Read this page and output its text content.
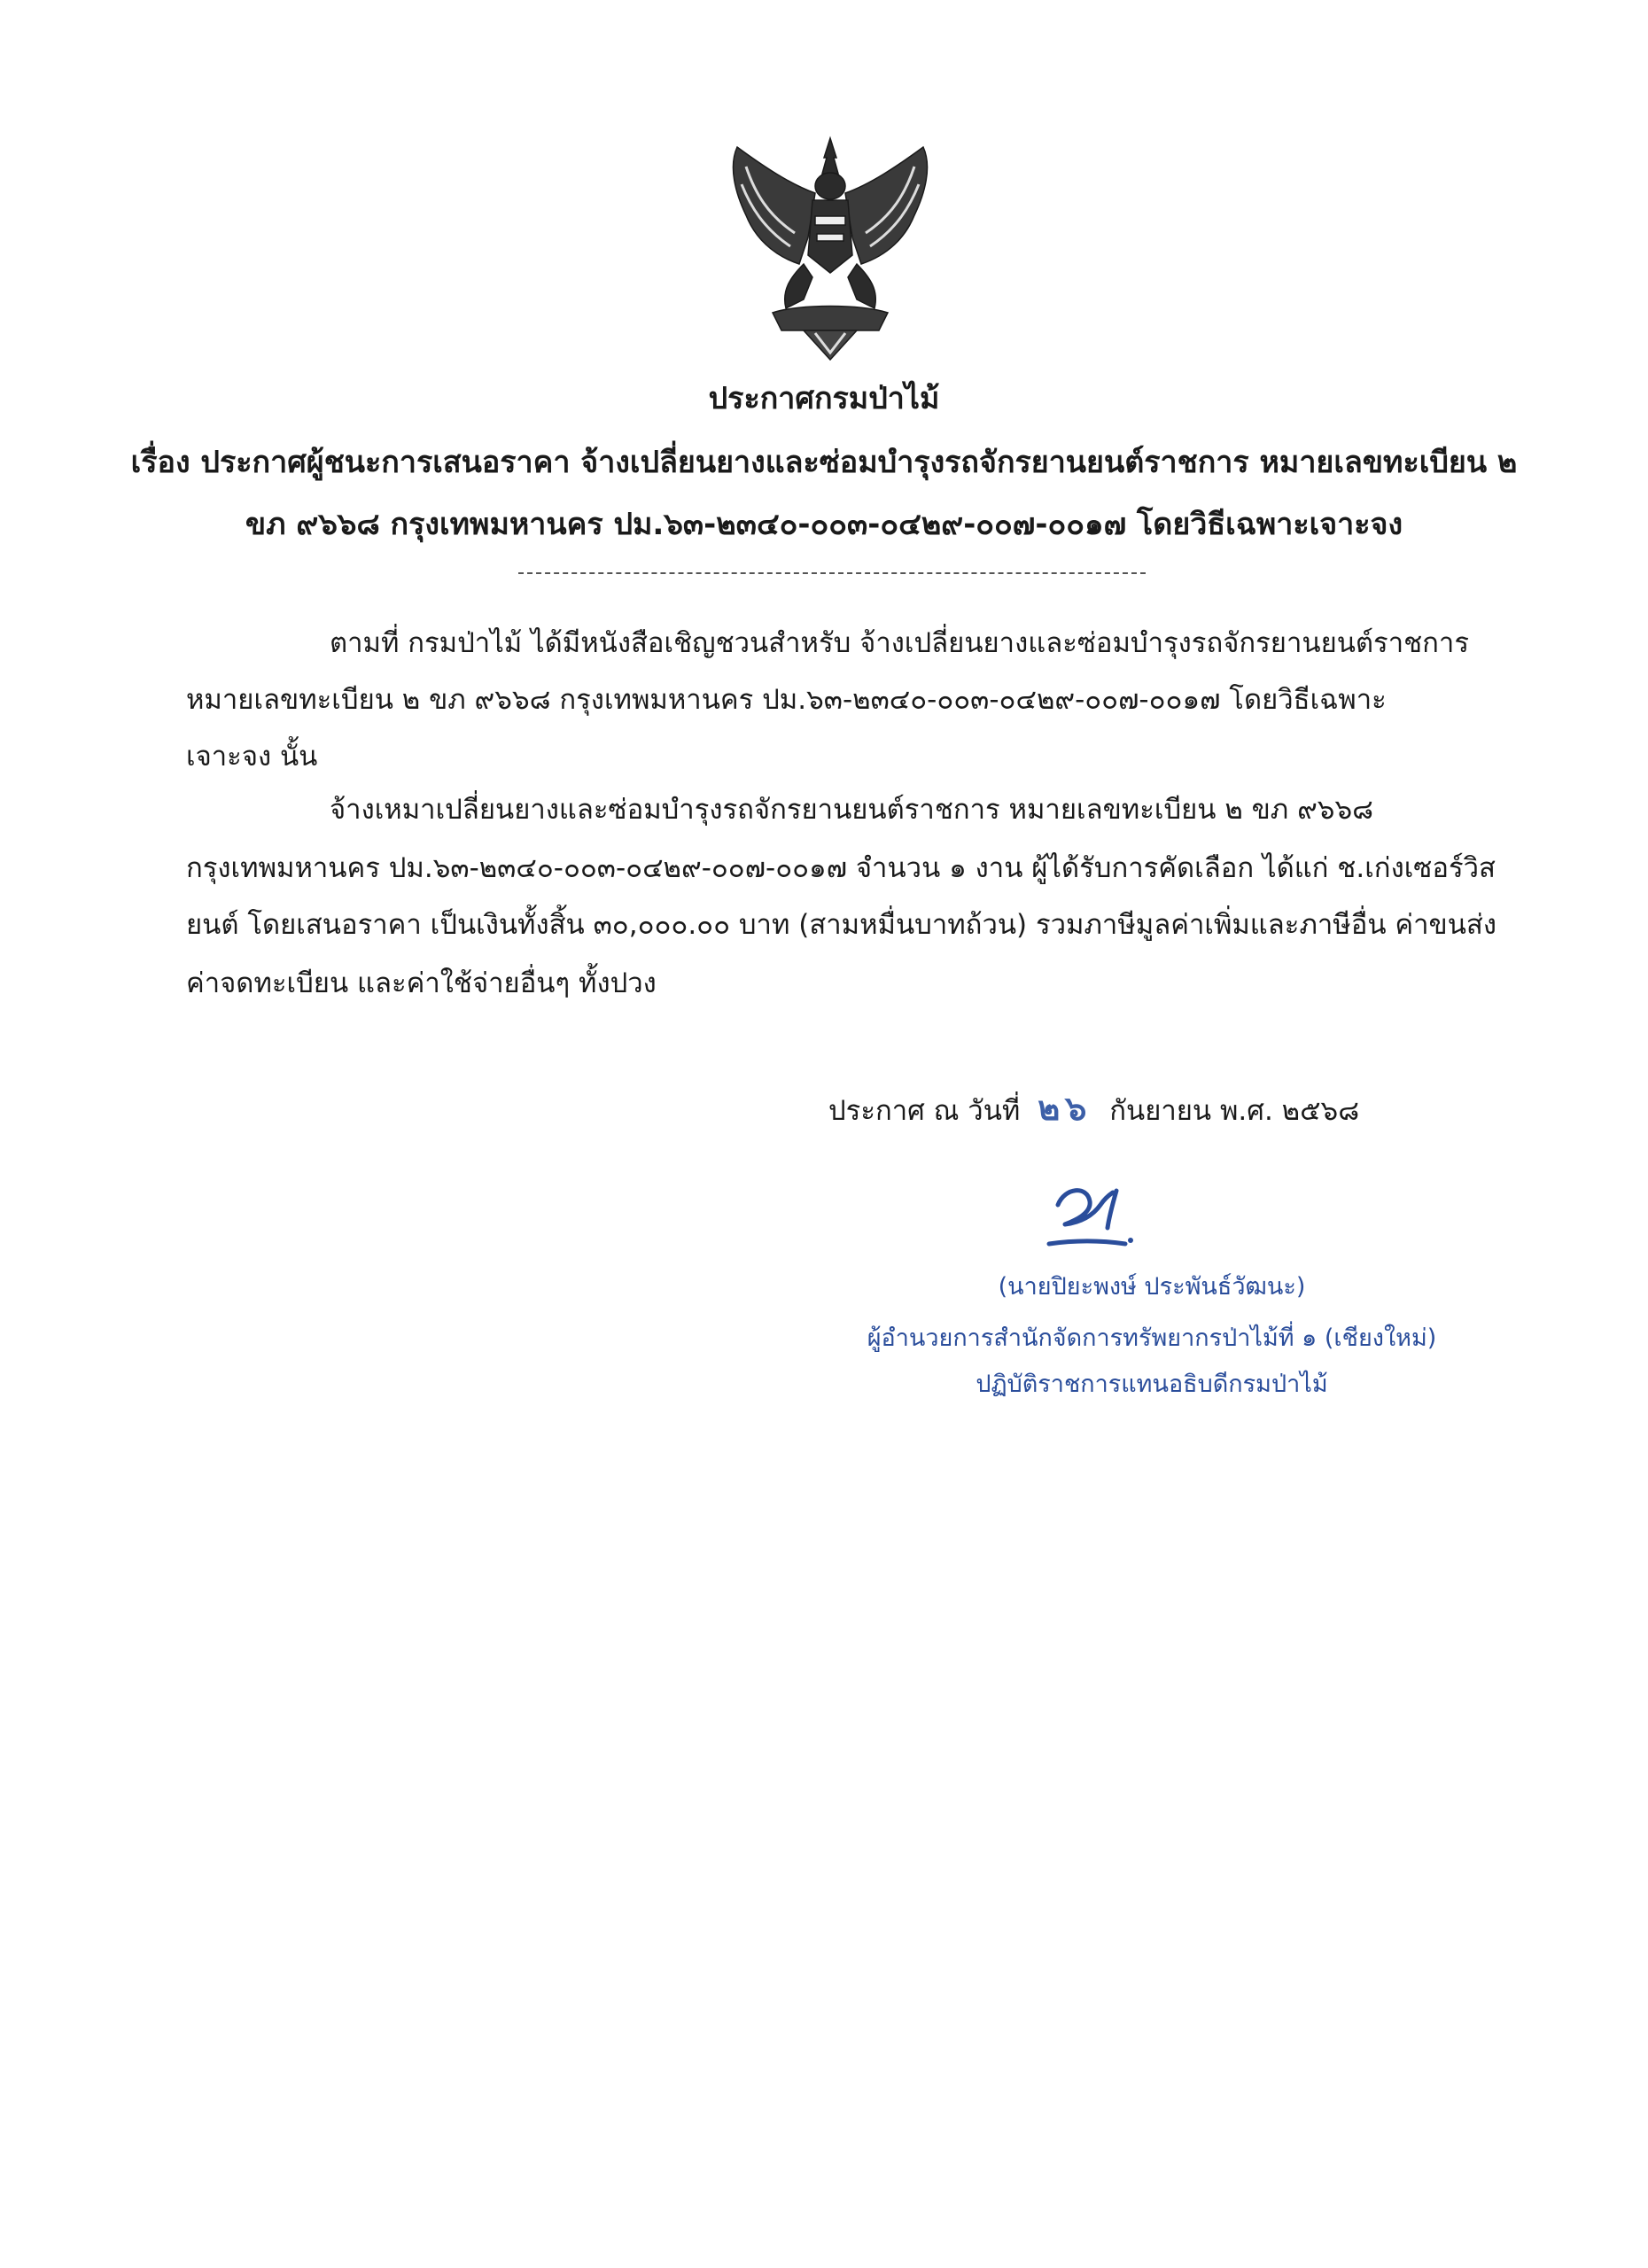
ประกาศกรมป่าไม้
เรื่อง ประกาศผู้ชนะการเสนอราคา จ้างเปลี่ยนยางและซ่อมบำรุงรถจักรยานยนต์ราชการ หมายเลขทะเบียน ๒
ขภ ๙๖๖๘ กรุงเทพมหานคร ปม.๖๓-๒๓๔๐-๐๐๓-๐๔๒๙-๐๐๗-๐๐๑๗ โดยวิธีเฉพาะเจาะจง
ตามที่ กรมป่าไม้ ได้มีหนังสือเชิญชวนสำหรับ จ้างเปลี่ยนยางและซ่อมบำรุงรถจักรยานยนต์ราชการ
หมายเลขทะเบียน ๒ ขภ ๙๖๖๘ กรุงเทพมหานคร ปม.๖๓-๒๓๔๐-๐๐๓-๐๔๒๙-๐๐๗-๐๐๑๗ โดยวิธีเฉพาะ
เจาะจง นั้น
จ้างเหมาเปลี่ยนยางและซ่อมบำรุงรถจักรยานยนต์ราชการ หมายเลขทะเบียน ๒ ขภ ๙๖๖๘
กรุงเทพมหานคร ปม.๖๓-๒๓๔๐-๐๐๓-๐๔๒๙-๐๐๗-๐๐๑๗ จำนวน ๑ งาน ผู้ได้รับการคัดเลือก ได้แก่ ช.เก่งเซอร์วิส
ยนต์ โดยเสนอราคา เป็นเงินทั้งสิ้น ๓๐,๐๐๐.๐๐ บาท (สามหมื่นบาทถ้วน) รวมภาษีมูลค่าเพิ่มและภาษีอื่น ค่าขนส่ง
ค่าจดทะเบียน และค่าใช้จ่ายอื่นๆ ทั้งปวง
ประกาศ ณ วันที่ ๒๖ กันยายน พ.ศ. ๒๕๖๘
(นายปิยะพงษ์ ประพันธ์วัฒนะ)
ผู้อำนวยการสำนักจัดการทรัพยากรป่าไม้ที่ ๑ (เชียงใหม่)
ปฏิบัติราชการแทนอธิบดีกรมป่าไม้
